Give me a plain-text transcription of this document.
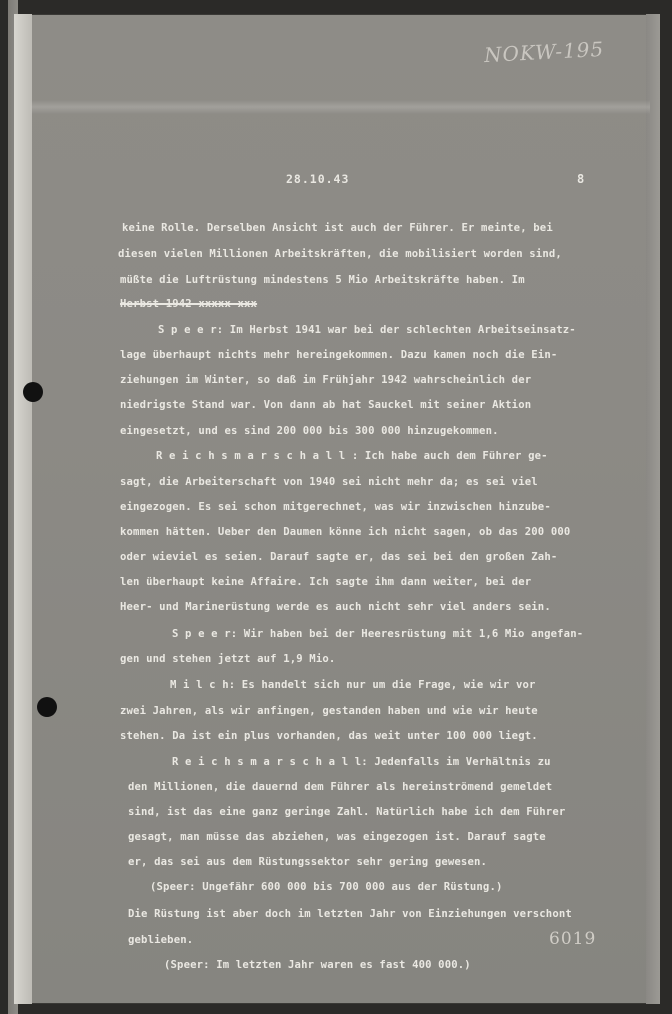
NOKW-195
28.10.43	8
keine Rolle. Derselben Ansicht ist auch der Führer. Er meinte, bei
diesen vielen Millionen Arbeitskräften, die mobilisiert worden sind,
müßte die Luftrüstung mindestens 5 Mio Arbeitskräfte haben. Im
Herbst 1942 xxxxx xxx
S p e e r: Im Herbst 1941 war bei der schlechten Arbeitseinsatz-
lage überhaupt nichts mehr hereingekommen. Dazu kamen noch die Ein-
ziehungen im Winter, so daß im Frühjahr 1942 wahrscheinlich der
niedrigste Stand war. Von dann ab hat Sauckel mit seiner Aktion
eingesetzt, und es sind 200 000 bis 300 000 hinzugekommen.
R e i c h s m a r s c h a l l : Ich habe auch dem Führer ge-
sagt, die Arbeiterschaft von 1940 sei nicht mehr da; es sei viel
eingezogen. Es sei schon mitgerechnet, was wir inzwischen hinzube-
kommen hätten. Ueber den Daumen könne ich nicht sagen, ob das 200 000
oder wieviel es seien. Darauf sagte er, das sei bei den großen Zah-
len überhaupt keine Affaire. Ich sagte ihm dann weiter, bei der
Heer- und Marinerüstung werde es auch nicht sehr viel anders sein.
S p e e r: Wir haben bei der Heeresrüstung mit 1,6 Mio angefan-
gen und stehen jetzt auf 1,9 Mio.
M i l c h: Es handelt sich nur um die Frage, wie wir vor
zwei Jahren, als wir anfingen, gestanden haben und wie wir heute
stehen. Da ist ein plus vorhanden, das weit unter 100 000 liegt.
R e i c h s m a r s c h a l l: Jedenfalls im Verhältnis zu
den Millionen, die dauernd dem Führer als hereinströmend gemeldet
sind, ist das eine ganz geringe Zahl. Natürlich habe ich dem Führer
gesagt, man müsse das abziehen, was eingezogen ist. Darauf sagte
er, das sei aus dem Rüstungssektor sehr gering gewesen.
(Speer: Ungefähr 600 000 bis 700 000 aus der Rüstung.)
Die Rüstung ist aber doch im letzten Jahr von Einziehungen verschont
geblieben.
(Speer: Im letzten Jahr waren es fast 400 000.)
6019
